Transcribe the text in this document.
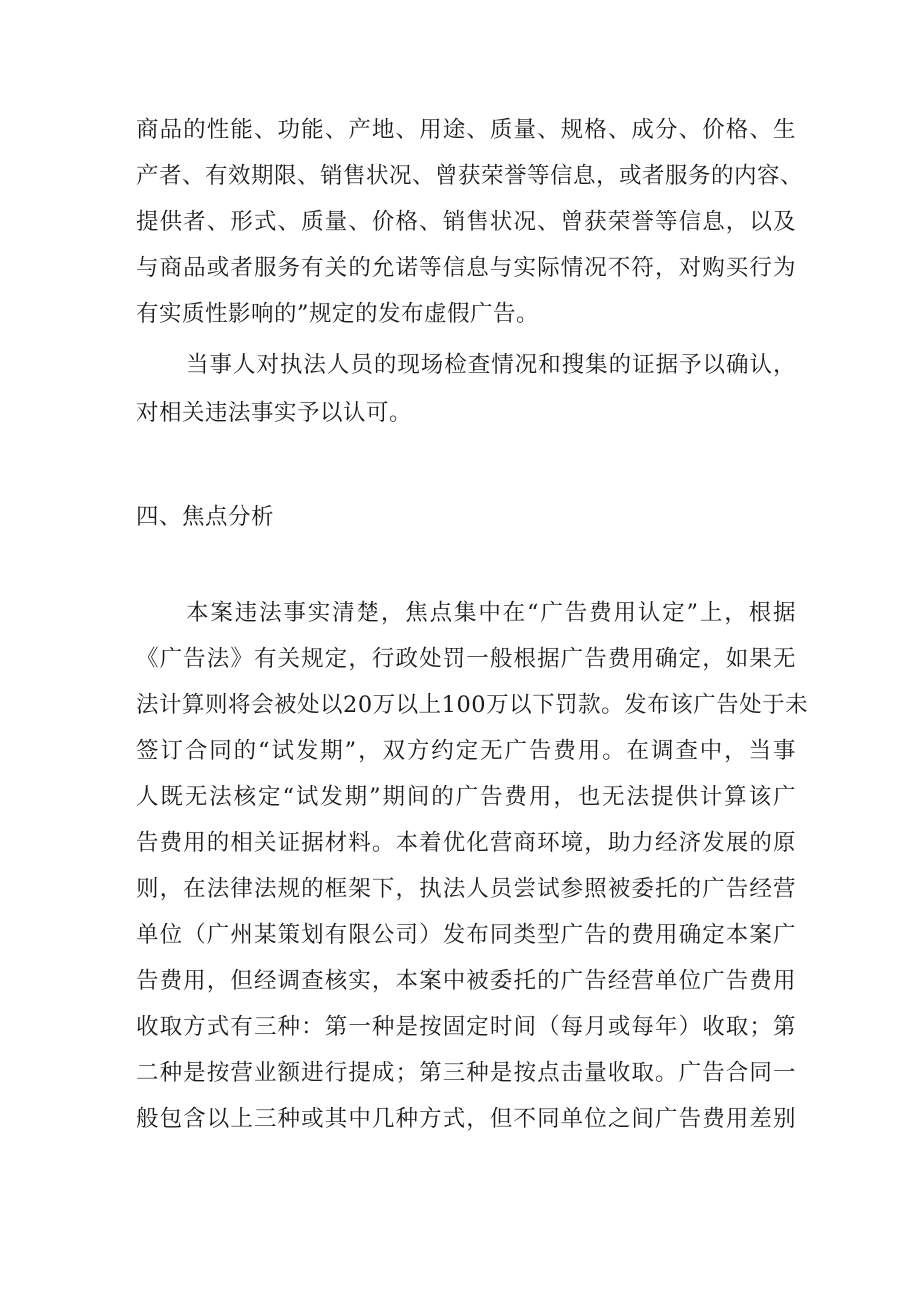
商品的性能、功能、产地、用途、质量、规格、成分、价格、生
产者、有效期限、销售状况、曾获荣誉等信息，或者服务的内容、
提供者、形式、质量、价格、销售状况、曾获荣誉等信息，以及
与商品或者服务有关的允诺等信息与实际情况不符，对购买行为
有实质性影响的”规定的发布虚假广告。
当事人对执法人员的现场检查情况和搜集的证据予以确认，
对相关违法事实予以认可。
四、焦点分析
本案违法事实清楚，焦点集中在“广告费用认定”上，根据
《广告法》有关规定，行政处罚一般根据广告费用确定，如果无
法计算则将会被处以20万以上100万以下罚款。发布该广告处于未
签订合同的“试发期”，双方约定无广告费用。在调查中，当事
人既无法核定“试发期”期间的广告费用，也无法提供计算该广
告费用的相关证据材料。本着优化营商环境，助力经济发展的原
则，在法律法规的框架下，执法人员尝试参照被委托的广告经营
单位（广州某策划有限公司）发布同类型广告的费用确定本案广
告费用，但经调查核实，本案中被委托的广告经营单位广告费用
收取方式有三种：第一种是按固定时间（每月或每年）收取；第
二种是按营业额进行提成；第三种是按点击量收取。广告合同一
般包含以上三种或其中几种方式，但不同单位之间广告费用差别
